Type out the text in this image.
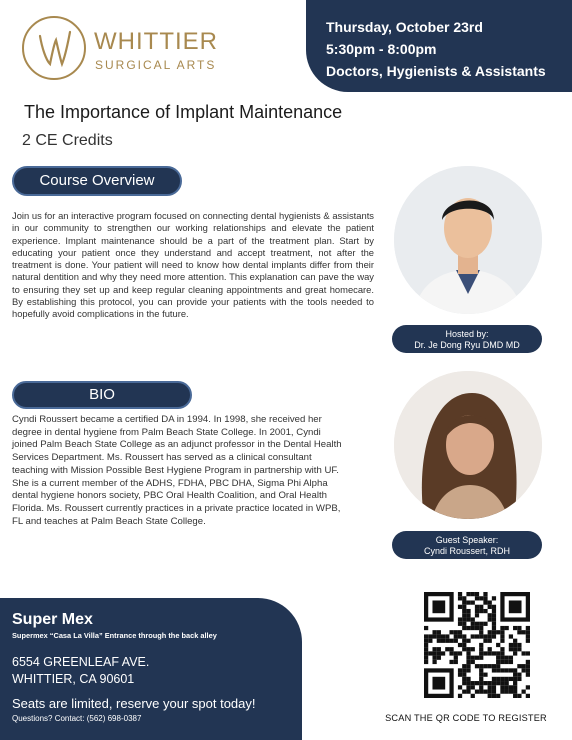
WHITTIER
SURGICAL ARTS
Thursday, October 23rd
5:30pm - 8:00pm
Doctors, Hygienists & Assistants
The Importance of Implant Maintenance
2 CE Credits
Course Overview
Join us for an interactive program focused on connecting dental hygienists & assistants in our community to strengthen our working relationships and elevate the patient experience. Implant maintenance should be a part of the treatment plan. Start by educating your patient once they understand and accept treatment, not after the treatment is done. Your patient will need to know how dental implants differ from their natural dentition and why they need more attention. This explanation can pave the way to ensuring they set up and keep regular cleaning appointments and great homecare. By establishing this protocol, you can provide your patients with the tools needed to hopefully avoid complications in the future.
BIO
Cyndi Roussert became a certified DA in 1994. In 1998, she received her degree in dental hygiene from Palm Beach State College. In 2001, Cyndi joined Palm Beach State College as an adjunct professor in the Dental Health Services Department. Ms. Roussert has served as a clinical consultant teaching with Mission Possible Best Hygiene Program in partnership with UF. She is a current member of the ADHS, FDHA, PBC DHA, Sigma Phi Alpha dental hygiene honors society, PBC Oral Health Coalition, and Oral Health Florida. Ms. Roussert currently practices in a private practice located in WPB, FL and teaches at Palm Beach State College.
Hosted by:
Dr. Je Dong Ryu DMD MD
Guest Speaker:
Cyndi Roussert, RDH
Super Mex
Supermex “Casa La Villa” Entrance through the back alley
6554 GREENLEAF AVE.
WHITTIER, CA 90601
Seats are limited, reserve your spot today!
Questions? Contact: (562) 698-0387	SCAN THE QR CODE TO REGISTER
